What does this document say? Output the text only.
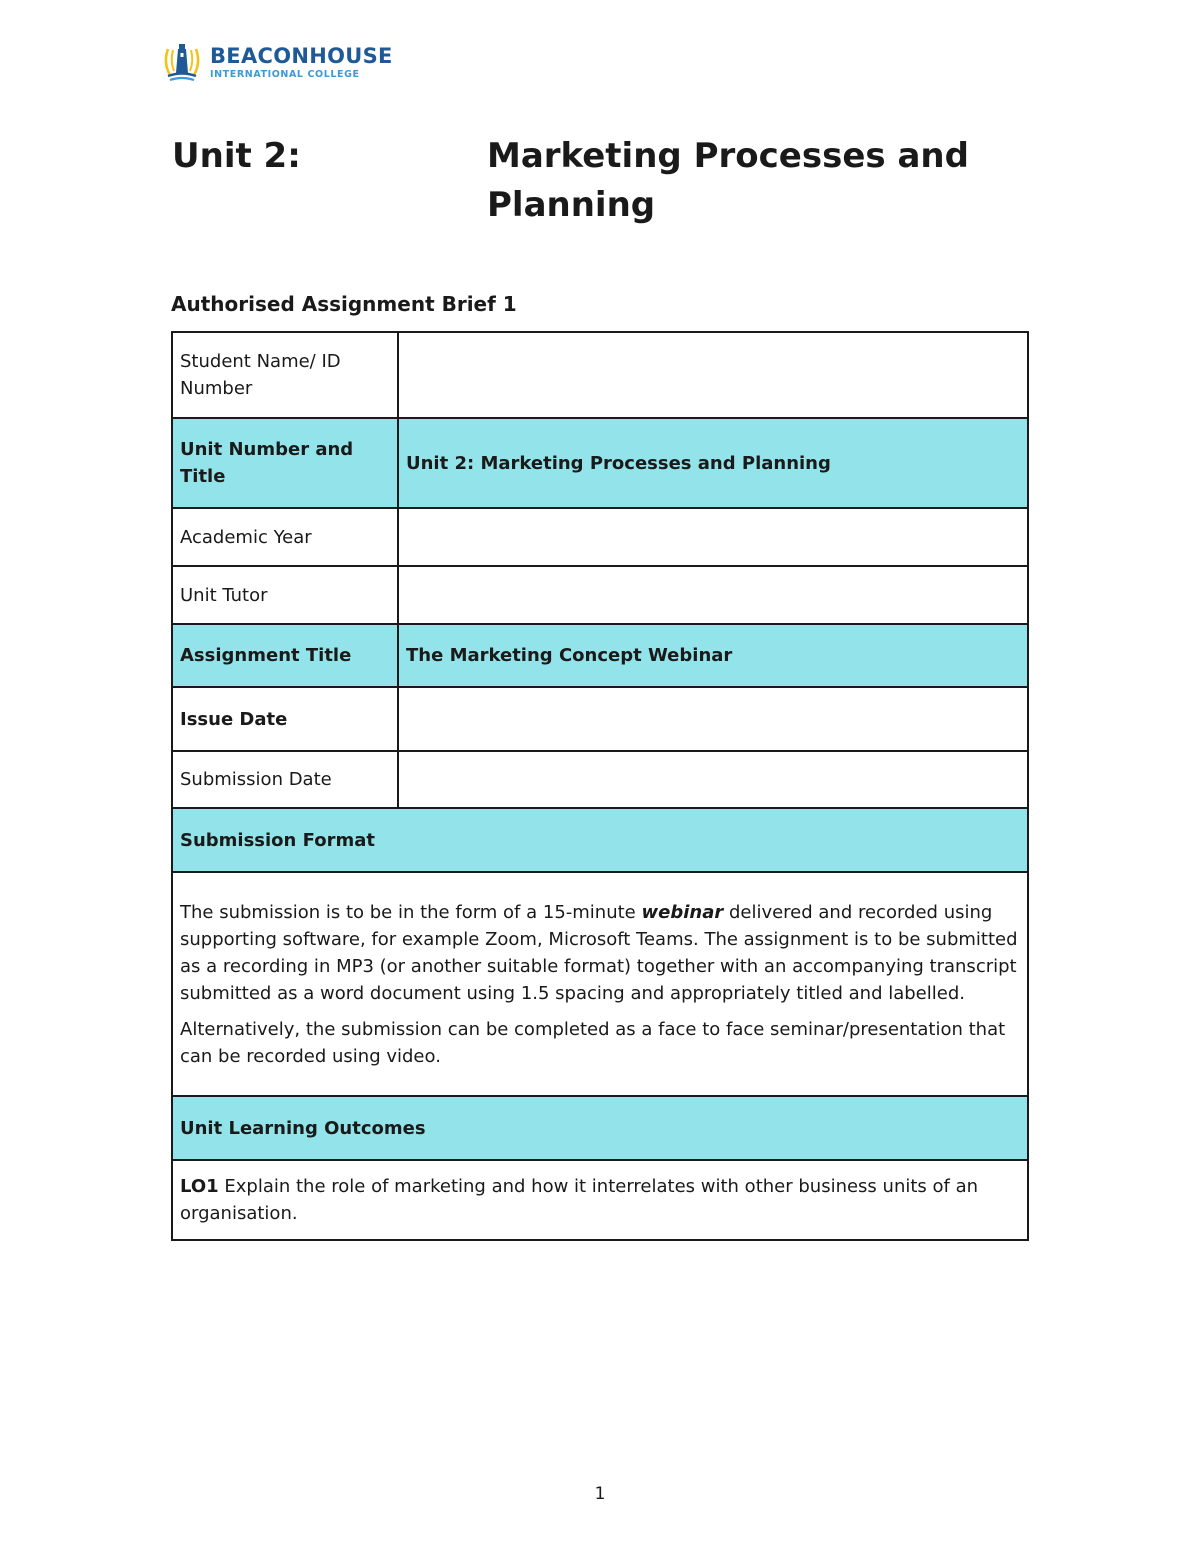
BEACONHOUSE
INTERNATIONAL COLLEGE
Unit 2:	Marketing Processes and Planning
Authorised Assignment Brief 1
Student Name/ ID Number	
Unit Number and Title	Unit 2: Marketing Processes and Planning
Academic Year	
Unit Tutor	
Assignment Title	The Marketing Concept Webinar
Issue Date	
Submission Date	
Submission Format	

The submission is to be in the form of a 15-minute webinar delivered and recorded using supporting software, for example Zoom, Microsoft Teams. The assignment is to be submitted as a recording in MP3 (or another suitable format) together with an accompanying transcript submitted as a word document using 1.5 spacing and appropriately titled and labelled.

Alternatively, the submission can be completed as a face to face seminar/presentation that can be recorded using video.	

Unit Learning Outcomes	
LO1 Explain the role of marketing and how it interrelates with other business units of an organisation.	
1
